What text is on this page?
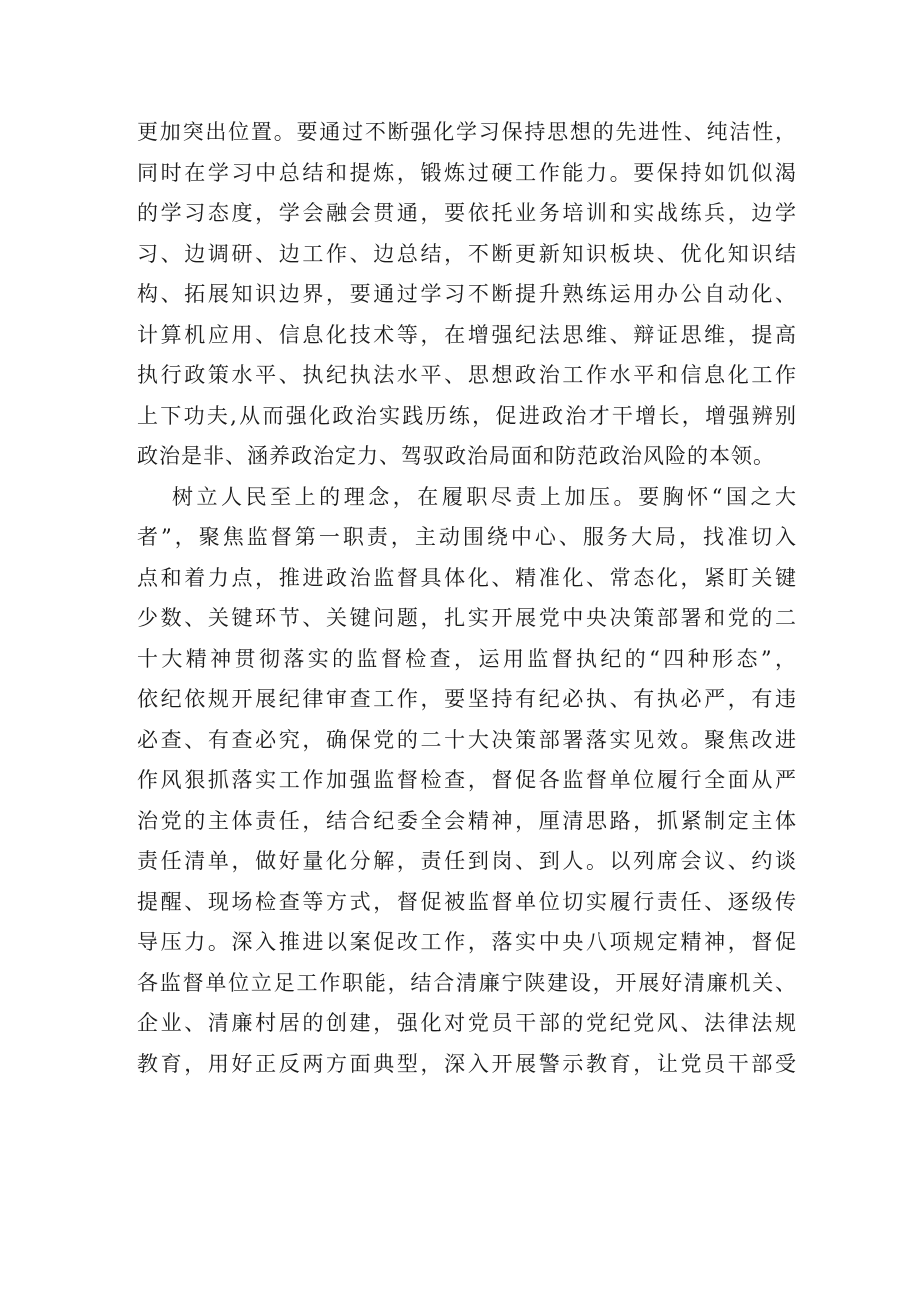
更加突出位置。要通过不断强化学习保持思想的先进性、纯洁性，
同时在学习中总结和提炼，锻炼过硬工作能力。要保持如饥似渴
的学习态度，学会融会贯通，要依托业务培训和实战练兵，边学
习、边调研、边工作、边总结，不断更新知识板块、优化知识结
构、拓展知识边界，要通过学习不断提升熟练运用办公自动化、
计算机应用、信息化技术等，在增强纪法思维、辩证思维，提高
执行政策水平、执纪执法水平、思想政治工作水平和信息化工作
上下功夫,从而强化政治实践历练，促进政治才干增长，增强辨别
政治是非、涵养政治定力、驾驭政治局面和防范政治风险的本领。
树立人民至上的理念，在履职尽责上加压。要胸怀“国之大
者”，聚焦监督第一职责，主动围绕中心、服务大局，找准切入
点和着力点，推进政治监督具体化、精准化、常态化，紧盯关键
少数、关键环节、关键问题，扎实开展党中央决策部署和党的二
十大精神贯彻落实的监督检查，运用监督执纪的“四种形态”，
依纪依规开展纪律审查工作，要坚持有纪必执、有执必严，有违
必查、有查必究，确保党的二十大决策部署落实见效。聚焦改进
作风狠抓落实工作加强监督检查，督促各监督单位履行全面从严
治党的主体责任，结合纪委全会精神，厘清思路，抓紧制定主体
责任清单，做好量化分解，责任到岗、到人。以列席会议、约谈
提醒、现场检查等方式，督促被监督单位切实履行责任、逐级传
导压力。深入推进以案促改工作，落实中央八项规定精神，督促
各监督单位立足工作职能，结合清廉宁陕建设，开展好清廉机关、
企业、清廉村居的创建，强化对党员干部的党纪党风、法律法规
教育，用好正反两方面典型，深入开展警示教育，让党员干部受
